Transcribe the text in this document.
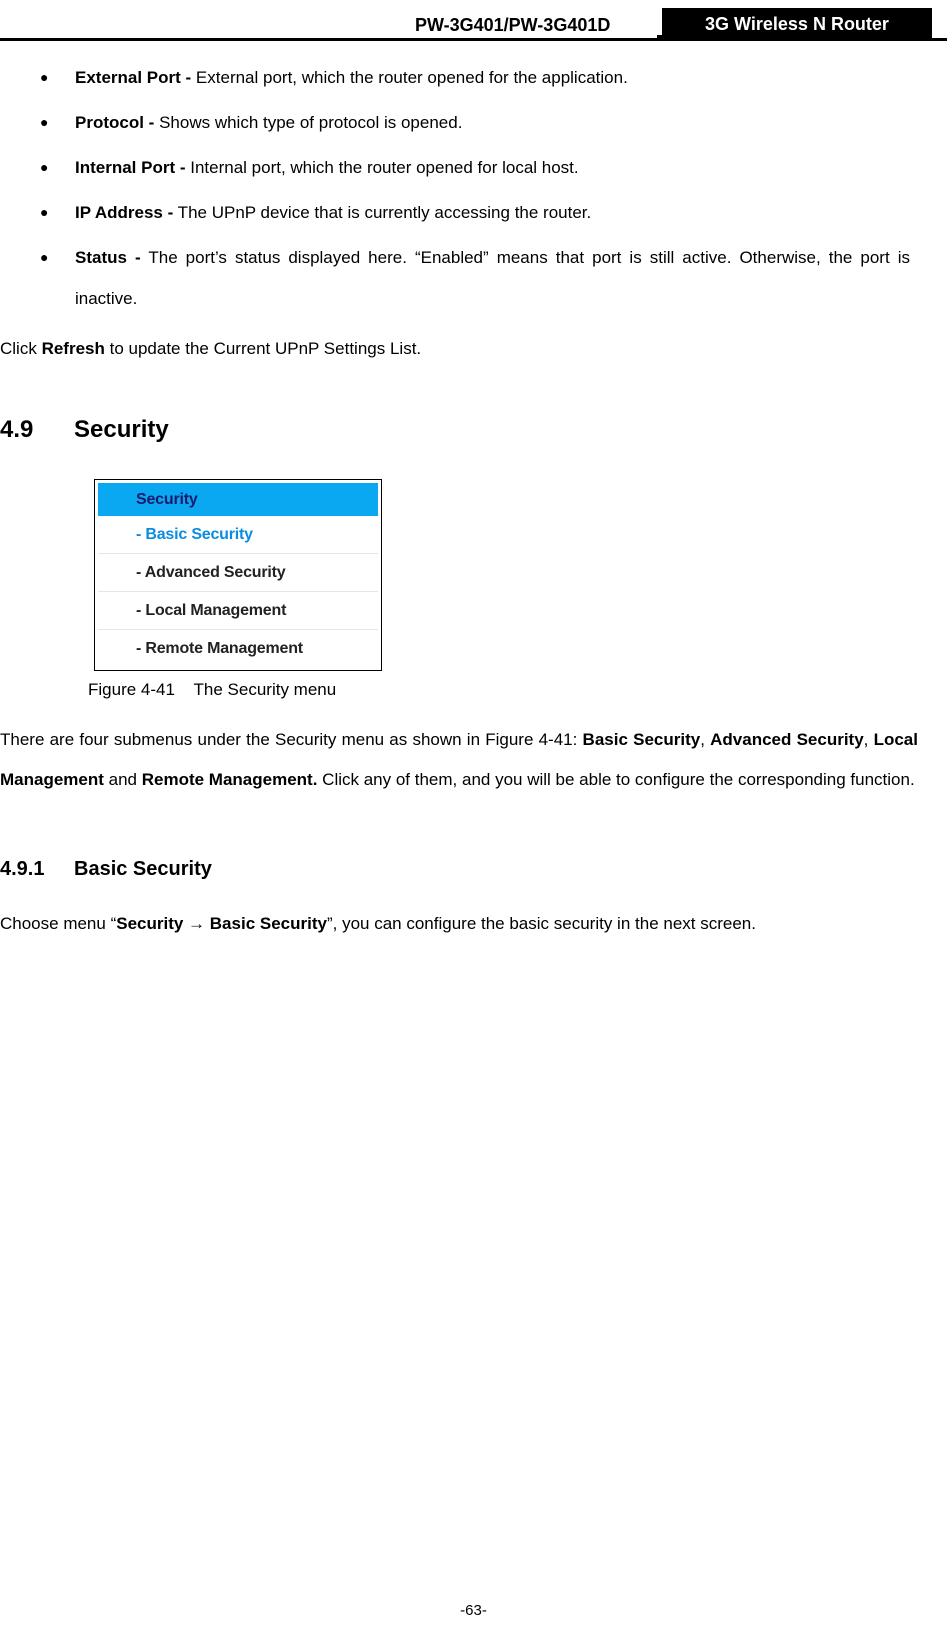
PW-3G401/PW-3G401D	3G Wireless N Router
● External Port - External port, which the router opened for the application.
● Protocol - Shows which type of protocol is opened.
● Internal Port - Internal port, which the router opened for local host.
● IP Address - The UPnP device that is currently accessing the router.
● Status - The port’s status displayed here. “Enabled” means that port is still active. Otherwise, the port is inactive.
Click Refresh to update the Current UPnP Settings List.
4.9 Security
Security
- Basic Security
- Advanced Security
- Local Management
- Remote Management
Figure 4-41    The Security menu
There are four submenus under the Security menu as shown in Figure 4-41: Basic Security, Advanced Security, Local Management and Remote Management. Click any of them, and you will be able to configure the corresponding function.
4.9.1 Basic Security
Choose menu “Security → Basic Security”, you can configure the basic security in the next screen.
-63-
